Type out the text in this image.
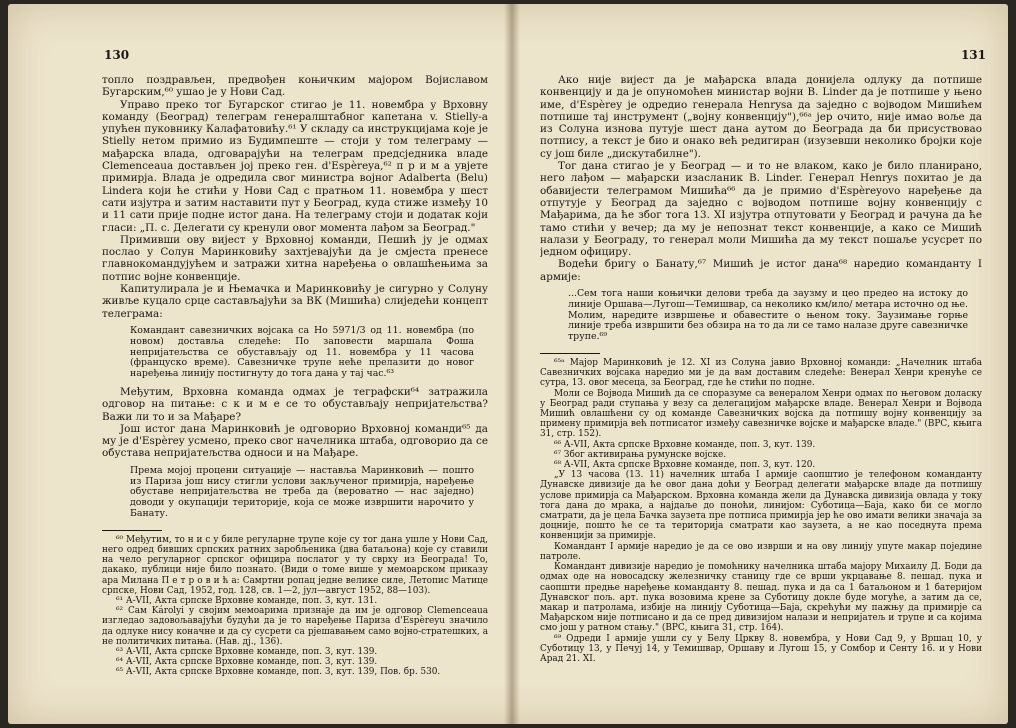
130

топло поздрављен, предвођен коњичким мајором Војиславом Бугарским,⁶⁰ ушао је у Нови Сад.

Управо преко тог Бугарског стигао је 11. новембра у Врховну команду (Београд) телеграм генералштабног капетана v. Stielly-а упућен пуковнику Калафатовићу.⁶¹ У складу са инструкцијама које је Stielly нетом примио из Будимпеште — стоји у том телеграму — мађарска влада, одговарајући на телеграм предсједника владе Clemenceaua достављен јој преко ген. d'Espèreya,⁶² п р и м а увјете примирја. Влада је одредила свог министра војног Adalberta (Belu) Lindera који ће стићи у Нови Сад с пратњом 11. новембра у шест сати изјутра и затим наставити пут у Београд, куда стиже између 10 и 11 сати прије подне истог дана. На телеграму стоји и додатак који гласи: „П. с. Делегати су кренули овог момента лађом за Београд."

Примивши ову вијест у Врховној команди, Пешић ју је одмах послао у Солун Маринковићу захтјевајући да је смјеста пренесе главнокомандујућем и затражи хитна наређења о овлашћењима за потпис војне конвенције.

Капитулирала је и Њемачка и Маринковићу је сигурно у Солуну живље куцало срце састављајући за ВК (Мишића) слиједећи концепт телеграма:

Командант савезничких војсака са Но 5971/3 од 11. новембра (по новом) доставља следеће: По заповести маршала Фоша непријатељства се обустављају од 11. новембра у 11 часова (француско време). Савезничке трупе неће прелазити до новог наређења линију постигнуту до тога дана у тај час.⁶³

Међутим, Врховна команда одмах је теграфски⁶⁴ затражила одговор на питање: с к и м е се то обустављају непријатељства? Важи ли то и за Мађаре?

Још истог дана Маринковић је одговорио Врховној команди⁶⁵ да му је d'Espèrey усмено, преко свог начелника штаба, одговорио да се обустава непријатељства односи и на Мађаре.

Према мојој процени ситуације — наставља Маринковић — пошто из Париза још нису стигли услови закљученог примирја, наређење обуставе непријатељства не треба да (вероватно — нас заједно) доводи у окупацији територије, која се може извршити нарочито у Банату.

⁶⁰ Међутим, то н и с у биле регуларне трупе које су тог дана ушле у Нови Сад, него одред бивших српских ратних заробљеника (два батаљона) које су ставили на чело регуларног српског официра послатог у ту сврху из Београда! То, дакако, публици није било познато. (Види о томе више у мемоарском приказу ара Милана П е т р о в и ћ а: Самртни ропац једне велике силе, Летопис Матице српске, Нови Сад, 1952, год. 128, св. 1—2, јул—август 1952, 88—103).

⁶¹ А-VII, Акта српске Врховне команде, поп. 3, кут. 131.

⁶² Сам Károlyi у својим мемоарима признаје да им је одговор Clemenceaua изгледао задовољавајући будући да је то наређење Париза d'Espèreyu значило да одлуке нису коначне и да су сусрети са рјешавањем само војно-стратешких, а не политичких питања. (Нав. дј., 136).

⁶³ А-VII, Акта српске Врховне команде, поп. 3, кут. 139.

⁶⁴ А-VII, Акта српске Врховне команде, поп. 3, кут. 139.

⁶⁵ А-VII, Акта српске Врховне команде, поп. 3, кут. 139, Пов. бр. 530.

131

Ако није вијест да је мађарска влада донијела одлуку да потпише конвенцију и да је опуномоћен министар војни B. Linder да је потпише у њено име, d'Espèrey је одредио генерала Henrysа да заједно с војводом Мишићем потпише тај инструмент („војну конвенцију"),⁶⁶ᵃ јер очито, није имао воље да из Солуна изнова путује шест дана аутом до Београда да би присуствовао потпису, а текст је био и онако већ редигиран (изузевши неколико бројки које су још биле „дискутабилне").

Тог дана стигао је у Београд — и то не влаком, како је било планирано, него лађом — мађарски изасланик B. Linder. Генерал Henrys похитао је да обавијести телеграмом Мишића⁶⁶ да је примио d'Espèreyovо наређење да отпутује у Београд да заједно с војводом потпише војну конвенцију с Мађарима, да ће због тога 13. XI изјутра отпутовати у Београд и рачуна да ће тамо стићи у вечер; да му је непознат текст конвенције, а како се Мишић налази у Београду, то генерал моли Мишића да му текст пошаље усусрет по једном официру.

Водећи бригу о Банату,⁶⁷ Мишић је истог дана⁶⁸ наредио команданту I армије:

...Сем тога наши коњички делови треба да заузму и цео предео на истоку до линије Оршава—Лугош—Темишвар, са неколико км/ило/ метара источно од ње. Молим, наредите извршење и обавестите о њеном току. Заузимање горње линије треба извршити без обзира на то да ли се тамо налазе друге савезничке трупе.⁶⁹

⁶⁵ᵃ Мајор Маринковић је 12. XI из Солуна јавио Врховној команди: „Начелник штаба Савезничких војсака наредио ми је да вам доставим следеће: Венерал Хенри кренуће се сутра, 13. овог месеца, за Београд, где ће стићи по подне.

Моли се Војвода Мишић да се споразуме са венералом Хенри одмах по његовом доласку у Београд ради ступања у везу са делегацијом мађарске владе. Венерал Хенри и Војвода Мишић овлашћени су од команде Савезничких војска да потпишу војну конвенцију за примену примирја већ потписатог између савезничке војске и мађарске владе." (ВРС, књига 31, стр. 152).

⁶⁶ А-VII, Акта српске Врховне команде, поп. 3, кут. 139.

⁶⁷ Због активирања румунске војске.

⁶⁸ А-VII, Акта српске Врховне команде, поп. 3, кут. 120.

„У 13 часова (13. 11) начелник штаба I армије саопштио је телефоном команданту Дунавске дивизије да ће овог дана доћи у Београд делегати мађарске владе да потпишу услове примирја са Мађарском. Врховна команда жели да Дунавска дивизија овлада у току тога дана до мрака, а најдаље до поноћи, линијом: Суботица—Баја, како би се могло сматрати, да је цела Бачка заузета пре потписа примирја јер ће ово имати велики значаја за доцније, пошто ће се та територија сматрати као заузета, а не као поседнута према конвенцији за примирје.

Командант I армије наредио је да се ово изврши и на ову линију упуте макар поједине патроле.

Командант дивизије наредио је помоћнику начелника штаба мајору Михаилу Д. Боди да одмах оде на новосадску железничку станицу где се врши укрцавање 8. пешад. пука и саопшти предње наређење команданту 8. пешад. пука и да са 1 батаљоном и 1 батеријом Дунавског пољ. арт. пука возовима крене за Суботицу докле буде могуће, а затим да се, макар и патролама, избије на линију Суботица—Баја, скрећући му пажњу да примирје са Мађарском није потписано и да се пред дивизијом налази и непријатељ и трупе и са којима смо још у ратном стању." (ВРС, књига 31, стр. 164).

⁶⁹ Одреди I армије ушли су у Белу Цркву 8. новембра, у Нови Сад 9, у Вршац 10, у Суботицу 13, у Печуј 14, у Темишвар, Оршаву и Лугош 15, у Сомбор и Сенту 16. и у Нови Арад 21. XI.
